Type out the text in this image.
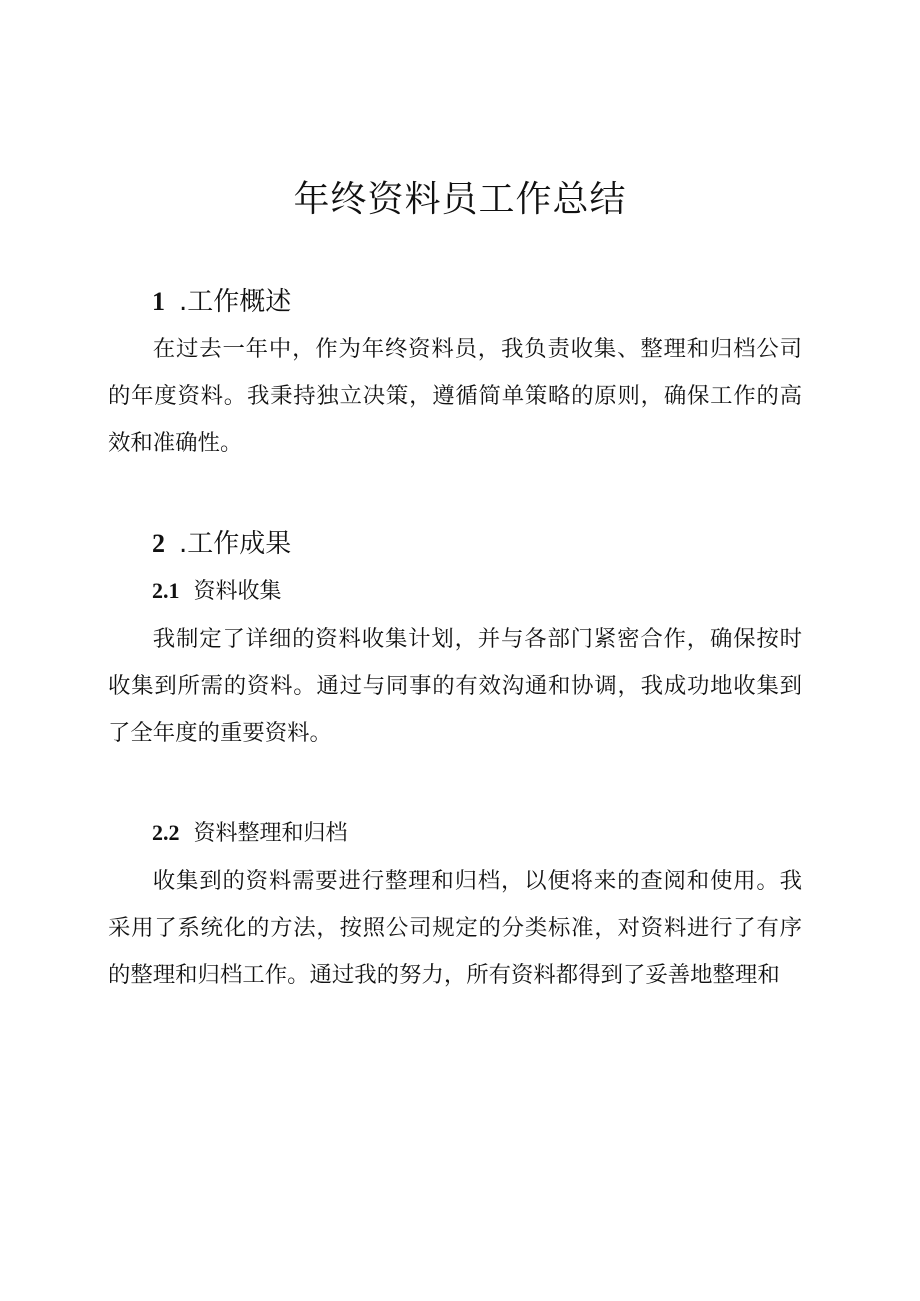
年终资料员工作总结
1 .工作概述

在过去一年中，作为年终资料员，我负责收集、整理和归档公司的年度资料。我秉持独立决策，遵循简单策略的原则，确保工作的高效和准确性。

2 .工作成果
2.1 资料收集

我制定了详细的资料收集计划，并与各部门紧密合作，确保按时收集到所需的资料。通过与同事的有效沟通和协调，我成功地收集到了全年度的重要资料。

2.2 资料整理和归档

收集到的资料需要进行整理和归档，以便将来的查阅和使用。我采用了系统化的方法，按照公司规定的分类标准，对资料进行了有序的整理和归档工作。通过我的努力，所有资料都得到了妥善地整理和
